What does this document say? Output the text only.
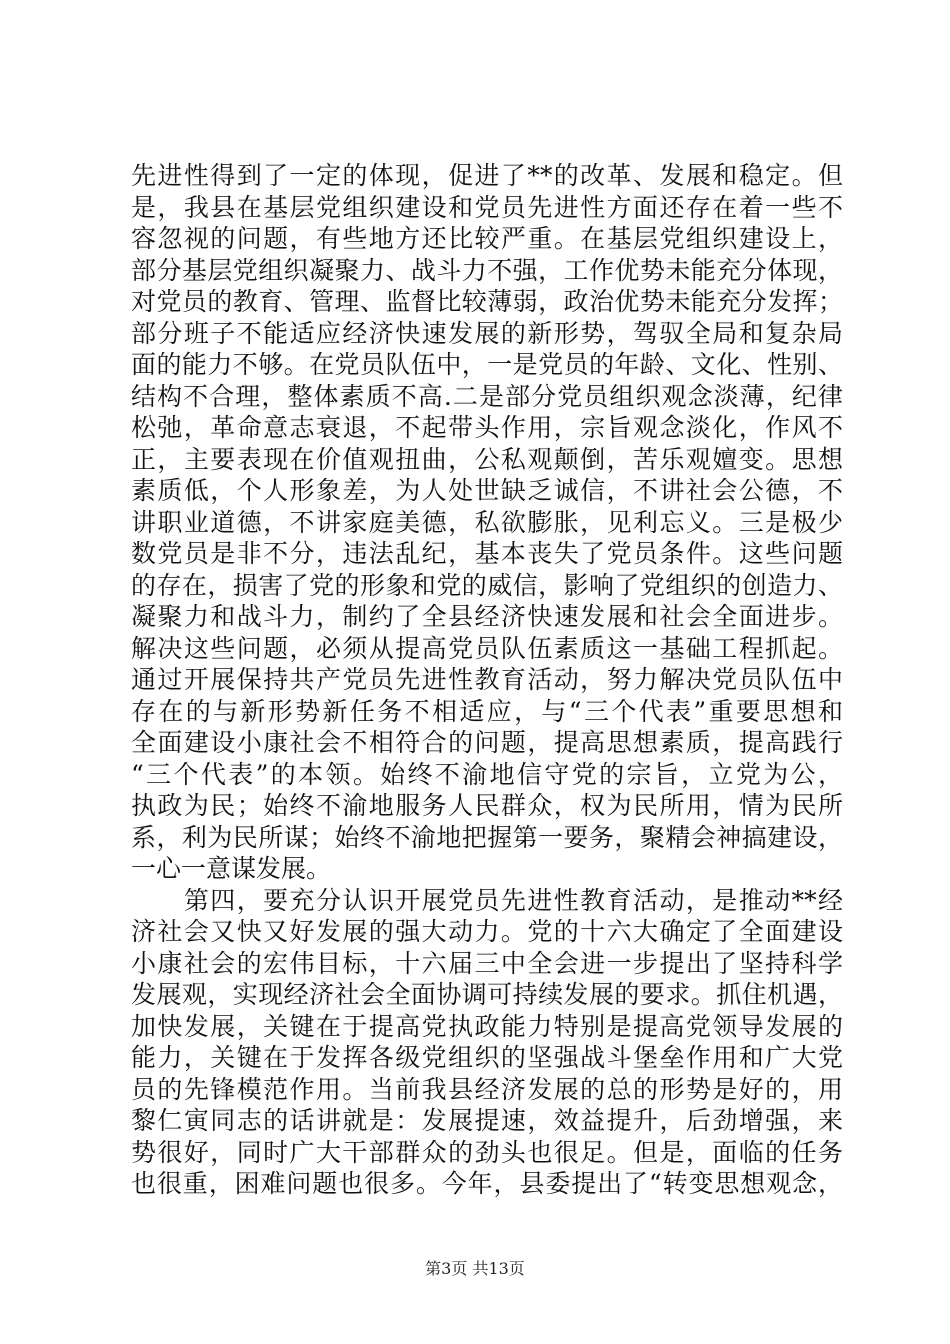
先进性得到了一定的体现，促进了**的改革、发展和稳定。但
是，我县在基层党组织建设和党员先进性方面还存在着一些不
容忽视的问题，有些地方还比较严重。在基层党组织建设上，
部分基层党组织凝聚力、战斗力不强，工作优势未能充分体现，
对党员的教育、管理、监督比较薄弱，政治优势未能充分发挥；
部分班子不能适应经济快速发展的新形势，驾驭全局和复杂局
面的能力不够。在党员队伍中，一是党员的年龄、文化、性别、
结构不合理，整体素质不高.二是部分党员组织观念淡薄，纪律
松弛，革命意志衰退，不起带头作用，宗旨观念淡化，作风不
正，主要表现在价值观扭曲，公私观颠倒，苦乐观嬗变。思想
素质低，个人形象差，为人处世缺乏诚信，不讲社会公德，不
讲职业道德，不讲家庭美德，私欲膨胀，见利忘义。三是极少
数党员是非不分，违法乱纪，基本丧失了党员条件。这些问题
的存在，损害了党的形象和党的威信，影响了党组织的创造力、
凝聚力和战斗力，制约了全县经济快速发展和社会全面进步。
解决这些问题，必须从提高党员队伍素质这一基础工程抓起。
通过开展保持共产党员先进性教育活动，努力解决党员队伍中
存在的与新形势新任务不相适应，与“三个代表”重要思想和
全面建设小康社会不相符合的问题，提高思想素质，提高践行
“三个代表”的本领。始终不渝地信守党的宗旨，立党为公，
执政为民；始终不渝地服务人民群众，权为民所用，情为民所
系，利为民所谋；始终不渝地把握第一要务，聚精会神搞建设，
一心一意谋发展。
　　第四，要充分认识开展党员先进性教育活动，是推动**经
济社会又快又好发展的强大动力。党的十六大确定了全面建设
小康社会的宏伟目标，十六届三中全会进一步提出了坚持科学
发展观，实现经济社会全面协调可持续发展的要求。抓住机遇，
加快发展，关键在于提高党执政能力特别是提高党领导发展的
能力，关键在于发挥各级党组织的坚强战斗堡垒作用和广大党
员的先锋模范作用。当前我县经济发展的总的形势是好的，用
黎仁寅同志的话讲就是：发展提速，效益提升，后劲增强，来
势很好，同时广大干部群众的劲头也很足。但是，面临的任务
也很重，困难问题也很多。今年，县委提出了“转变思想观念，
第3页 共13页
